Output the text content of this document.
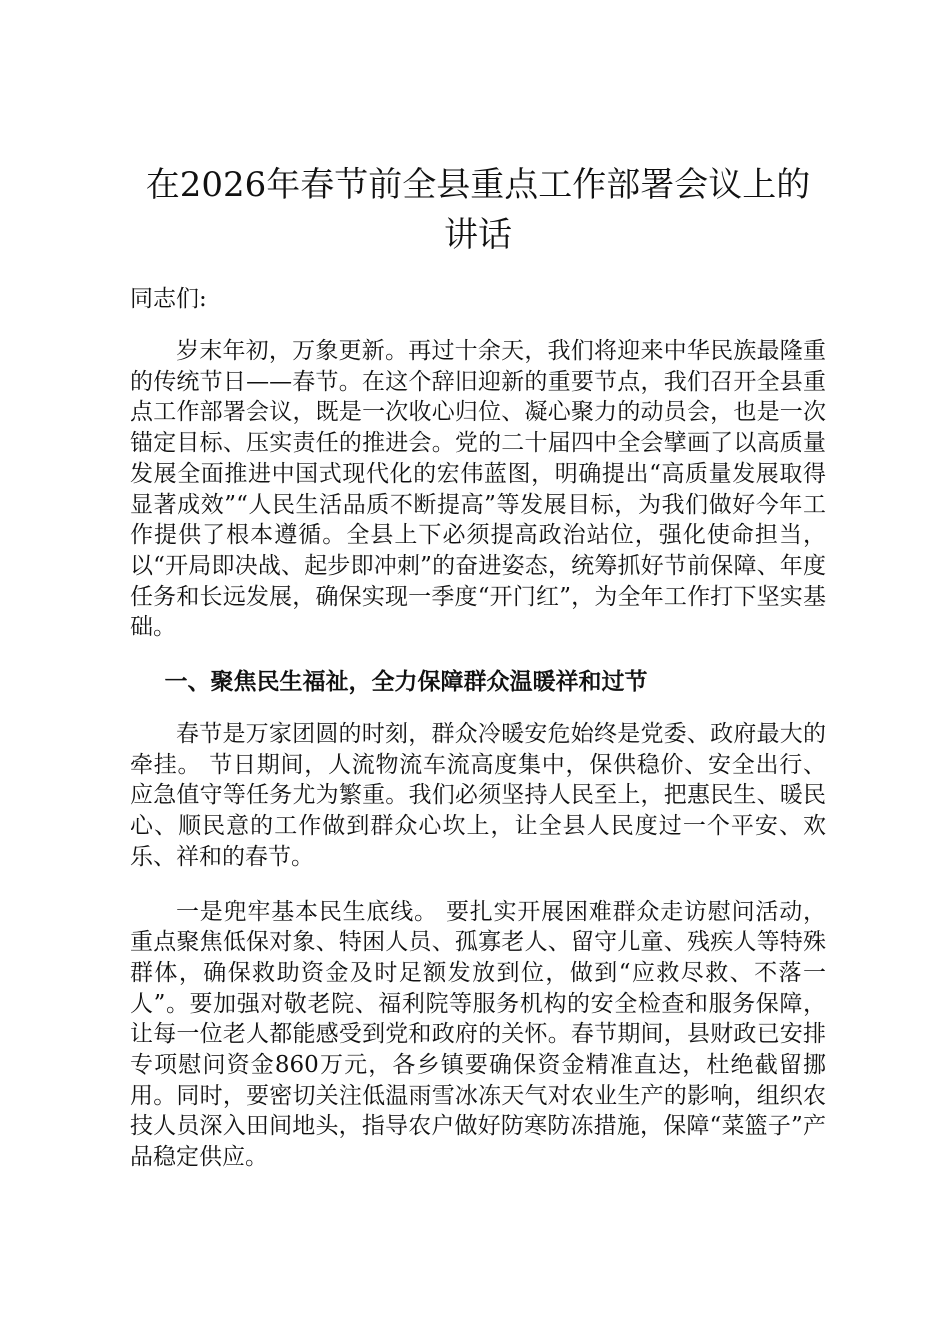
在2026年春节前全县重点工作部署会议上的讲话

同志们:

岁末年初，万象更新。再过十余天，我们将迎来中华民族最隆重的传统节日——春节。在这个辞旧迎新的重要节点，我们召开全县重点工作部署会议，既是一次收心归位、凝心聚力的动员会，也是一次锚定目标、压实责任的推进会。党的二十届四中全会擘画了以高质量发展全面推进中国式现代化的宏伟蓝图，明确提出“高质量发展取得显著成效”“人民生活品质不断提高”等发展目标，为我们做好今年工作提供了根本遵循。全县上下必须提高政治站位，强化使命担当，以“开局即决战、起步即冲刺”的奋进姿态，统筹抓好节前保障、年度任务和长远发展，确保实现一季度“开门红”，为全年工作打下坚实基础。

一、聚焦民生福祉，全力保障群众温暖祥和过节

春节是万家团圆的时刻，群众冷暖安危始终是党委、政府最大的牵挂。 节日期间，人流物流车流高度集中，保供稳价、安全出行、应急值守等任务尤为繁重。我们必须坚持人民至上，把惠民生、暖民心、顺民意的工作做到群众心坎上，让全县人民度过一个平安、欢乐、祥和的春节。

一是兜牢基本民生底线。 要扎实开展困难群众走访慰问活动，重点聚焦低保对象、特困人员、孤寡老人、留守儿童、残疾人等特殊群体，确保救助资金及时足额发放到位，做到“应救尽救、不落一人”。要加强对敬老院、福利院等服务机构的安全检查和服务保障，让每一位老人都能感受到党和政府的关怀。春节期间，县财政已安排专项慰问资金860万元，各乡镇要确保资金精准直达，杜绝截留挪用。同时，要密切关注低温雨雪冰冻天气对农业生产的影响，组织农技人员深入田间地头，指导农户做好防寒防冻措施，保障“菜篮子”产品稳定供应。
